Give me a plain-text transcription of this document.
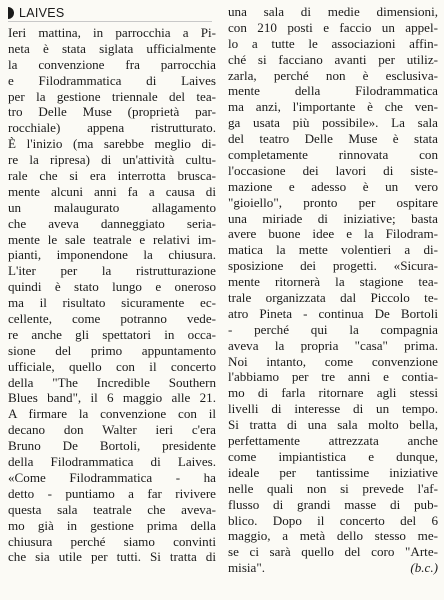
LAIVES
Ieri mattina, in parrocchia a Pi-
neta è stata siglata ufficialmente
la convenzione fra parrocchia
e Filodrammatica di Laives
per la gestione triennale del tea-
tro Delle Muse (proprietà par-
rocchiale) appena ristrutturato.
È l'inizio (ma sarebbe meglio di-
re la ripresa) di un'attività cultu-
rale che si era interrotta brusca-
mente alcuni anni fa a causa di
un malaugurato allagamento
che aveva danneggiato seria-
mente le sale teatrale e relativi im-
pianti, imponendone la chiusura.
L'iter per la ristrutturazione
quindi è stato lungo e oneroso
ma il risultato sicuramente ec-
cellente, come potranno vede-
re anche gli spettatori in occa-
sione del primo appuntamento
ufficiale, quello con il concerto
della "The Incredible Southern
Blues band", il 6 maggio alle 21.
A firmare la convenzione con il
decano don Walter ieri c'era
Bruno De Bortoli, presidente
della Filodrammatica di Laives.
«Come Filodrammatica - ha
detto - puntiamo a far rivivere
questa sala teatrale che aveva-
mo già in gestione prima della
chiusura perché siamo convinti
che sia utile per tutti. Si tratta di
una sala di medie dimensioni,
con 210 posti e faccio un appel-
lo a tutte le associazioni affin-
ché si facciano avanti per utiliz-
zarla, perché non è esclusiva-
mente della Filodrammatica
ma anzi, l'importante è che ven-
ga usata più possibile». La sala
del teatro Delle Muse è stata
completamente rinnovata con
l'occasione dei lavori di siste-
mazione e adesso è un vero
"gioiello", pronto per ospitare
una miriade di iniziative; basta
avere buone idee e la Filodram-
matica la mette volentieri a di-
sposizione dei progetti. «Sicura-
mente ritornerà la stagione tea-
trale organizzata dal Piccolo te-
atro Pineta - continua De Bortoli
- perché qui la compagnia
aveva la propria "casa" prima.
Noi intanto, come convenzione
l'abbiamo per tre anni e contia-
mo di farla ritornare agli stessi
livelli di interesse di un tempo.
Si tratta di una sala molto bella,
perfettamente attrezzata anche
come impiantistica e dunque,
ideale per tantissime iniziative
nelle quali non si prevede l'af-
flusso di grandi masse di pub-
blico. Dopo il concerto del 6
maggio, a metà dello stesso me-
se ci sarà quello del coro "Arte-
misia".	(b.c.)
